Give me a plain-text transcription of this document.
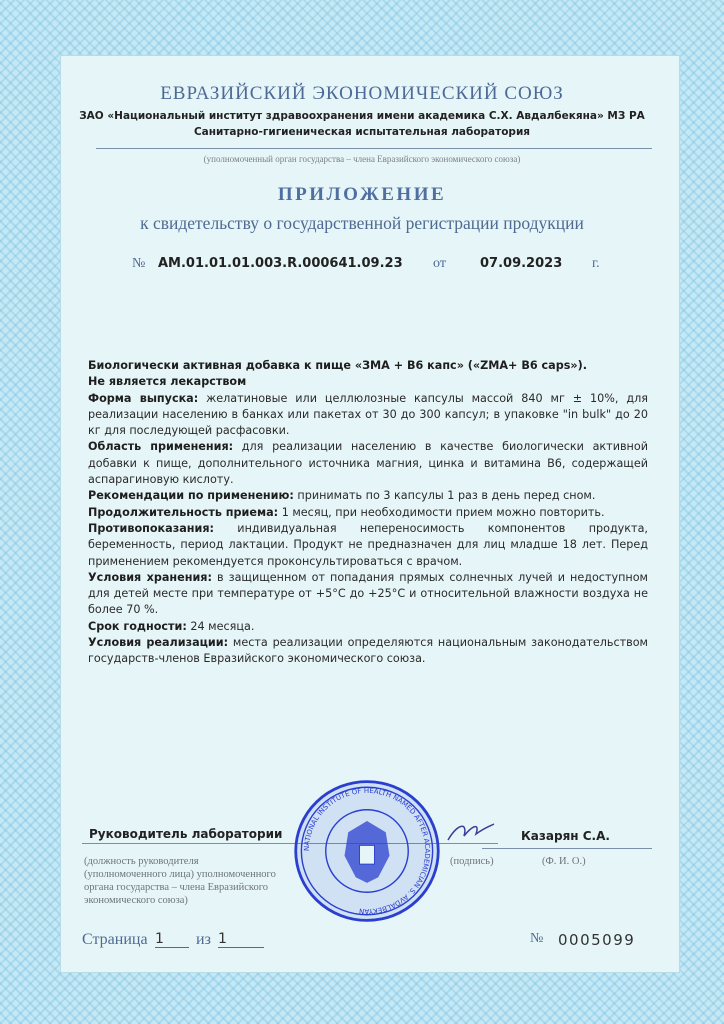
ЕВРАЗИЙСКИЙ ЭКОНОМИЧЕСКИЙ СОЮЗ
ЗАО «Национальный институт здравоохранения имени академика С.Х. Авдалбекяна» МЗ РА
Санитарно-гигиеническая испытательная лаборатория
(уполномоченный орган государства – члена Евразийского экономического союза)
ПРИЛОЖЕНИЕ
к свидетельству о государственной регистрации продукции
№ AM.01.01.01.003.R.000641.09.23 от	07.09.2023 г.

Биологически активная добавка к пище «ЗМА + В6 капс» («ZMA+ B6 caps»).

Не является лекарством

Форма выпуска: желатиновые или целлюлозные капсулы массой 840 мг ± 10%, для реализации населению в банках или пакетах от 30 до 300 капсул; в упаковке "in bulk" до 20 кг для последующей расфасовки.

Область применения: для реализации населению в качестве биологически активной добавки к пище, дополнительного источника магния, цинка и витамина В6, содержащей аспарагиновую кислоту.

Рекомендации по применению: принимать по 3 капсулы 1 раз в день перед сном.

Продолжительность приема: 1 месяц, при необходимости прием можно повторить.

Противопоказания: индивидуальная непереносимость компонентов продукта, беременность, период лактации. Продукт не предназначен для лиц младше 18 лет. Перед применением рекомендуется проконсультироваться с врачом.

Условия хранения: в защищенном от попадания прямых солнечных лучей и недоступном для детей месте при температуре от +5°С до +25°С и относительной влажности воздуха не более 70 %.

Срок годности: 24 месяца.

Условия реализации: места реализации определяются национальным законодательством государств-членов Евразийского экономического союза.

Руководитель лаборатории	Казарян С.А.
(должность руководителя (уполномоченного лица) уполномоченного органа государства – члена Евразийского экономического союза)
(подпись)	(Ф. И. О.)
NATIONAL INSTITUTE OF HEALTH NAMED AFTER ACADEMICIAN S. AVDALBEKYAN
Страница 1	из 1	№ 0005099
